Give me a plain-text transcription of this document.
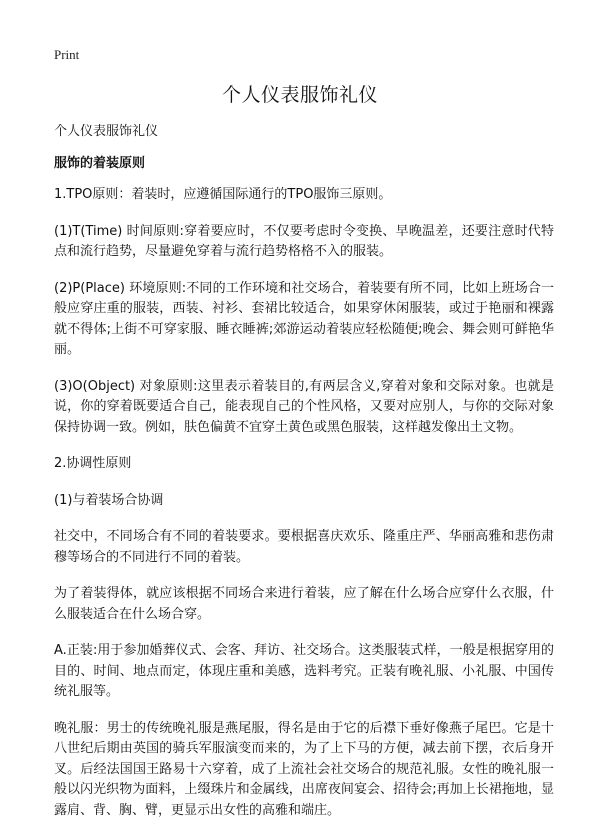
Print
个人仪表服饰礼仪

个人仪表服饰礼仪

服饰的着装原则

1.TPO原则：着装时，应遵循国际通行的TPO服饰三原则。

(1)T(Time) 时间原则:穿着要应时，不仅要考虑时令变换、早晚温差，还要注意时代特点和流行趋势，尽量避免穿着与流行趋势格格不入的服装。

(2)P(Place) 环境原则:不同的工作环境和社交场合，着装要有所不同，比如上班场合一般应穿庄重的服装，西装、衬衫、套裙比较适合，如果穿休闲服装，或过于艳丽和裸露就不得体;上街不可穿家服、睡衣睡裤;郊游运动着装应轻松随便;晚会、舞会则可鲜艳华丽。

(3)O(Object) 对象原则:这里表示着装目的,有两层含义,穿着对象和交际对象。也就是说，你的穿着既要适合自己，能表现自己的个性风格，又要对应别人，与你的交际对象保持协调一致。例如，肤色偏黄不宜穿土黄色或黑色服装，这样越发像出土文物。

2.协调性原则

(1)与着装场合协调

社交中，不同场合有不同的着装要求。要根据喜庆欢乐、隆重庄严、华丽高雅和悲伤肃穆等场合的不同进行不同的着装。

为了着装得体，就应该根据不同场合来进行着装，应了解在什么场合应穿什么衣服，什么服装适合在什么场合穿。

A.正装:用于参加婚葬仪式、会客、拜访、社交场合。这类服装式样，一般是根据穿用的目的、时间、地点而定，体现庄重和美感，选料考究。正装有晚礼服、小礼服、中国传统礼服等。

晚礼服：男士的传统晚礼服是燕尾服，得名是由于它的后襟下垂好像燕子尾巴。它是十八世纪后期由英国的骑兵军服演变而来的，为了上下马的方便，减去前下摆，衣后身开叉。后经法国国王路易十六穿着，成了上流社会社交场合的规范礼服。女性的晚礼服一般以闪光织物为面料，上缀珠片和金属线，出席夜间宴会、招待会;再加上长裙拖地，显露肩、背、胸、臂，更显示出女性的高雅和端庄。
